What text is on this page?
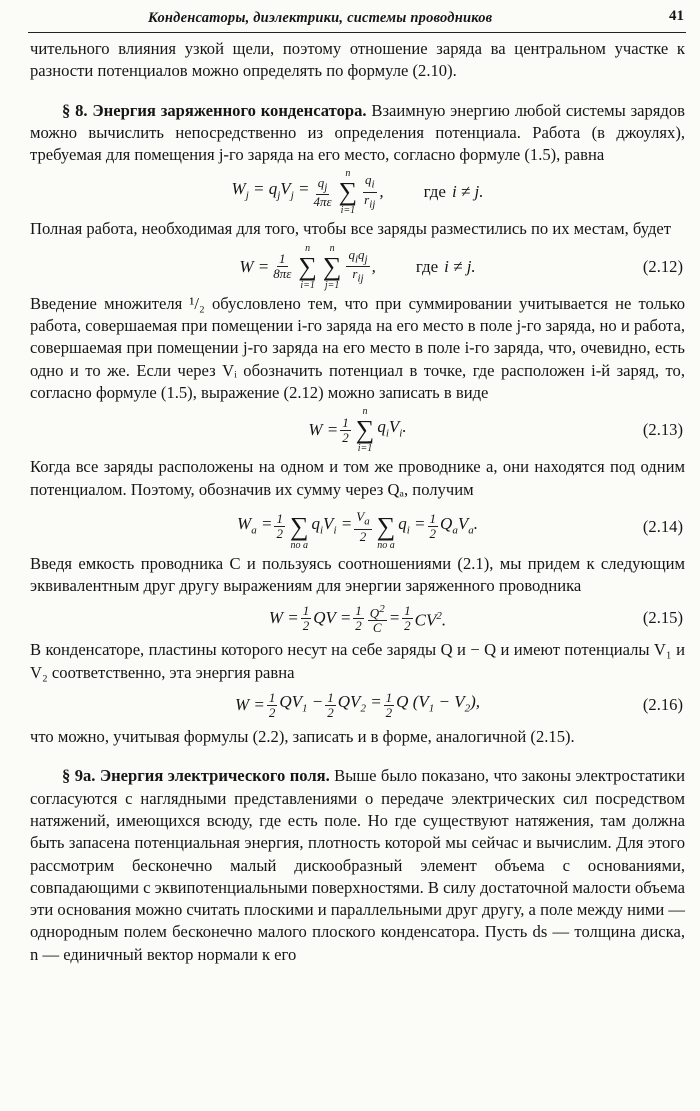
Конденсаторы, диэлектрики, системы проводников	41

чительного влияния узкой щели, поэтому отношение заряда ва центральном участке к разности потенциалов можно определять по формуле (2.10).

§ 8. Энергия заряженного конденсатора. Взаимную энергию любой системы зарядов можно вычислить непосредственно из определения потенциала. Работа (в джоулях), требуемая для помещения j-го заряда на его место, согласно формуле (1.5), равна

$W_j = q_jV_j = \frac{q_j}{4\pi\varepsilon}$
n
∑
$i=1 \frac{q_i}{r_{ij}}$ , где i ≠ j.

Полная работа, необходимая для того, чтобы все заряды разместились по их местам, будет

$W = \frac{1}{8\pi\varepsilon}$
n
∑
i=1
n
∑
$j=1 \frac{q_iq_j}{r_{ij}}$ , где i ≠ j.	(2.12)

Введение множителя ¹/₂ обусловлено тем, что при суммировании учитывается не только работа, совершаемая при помещении i-го заряда на его место в поле j-го заряда, но и работа, совершаемая при помещении j-го заряда на его место в поле i-го заряда, что, очевидно, есть одно и то же. Если через Vᵢ обозначить потенциал в точке, где расположен i-й заряд, то, согласно формуле (1.5), выражение (2.12) можно записать в виде

$W = \frac{1}{2}$
n
∑
i=1
$q_iV_i$.	(2.13)

Когда все заряды расположены на одном и том же проводнике a, они находятся под одним потенциалом. Поэтому, обозначив их сумму через Qₐ, получим

$W_a = \frac{1}{2}$
∑
по a
$q_iV_i = \frac{V_a}{2}$
∑
по a
$q_i = \frac{1}{2} Q_aV_a$.	(2.14)

Введя емкость проводника C и пользуясь соотношениями (2.1), мы придем к следующим эквивалентным друг другу выражениям для энергии заряженного проводника

$W = \frac{1}{2}$ QV = $\frac{1}{2} \frac{Q^2}{C} = \frac{1}{2} CV^2$.	(2.15)

В конденсаторе, пластины которого несут на себе заряды Q и − Q и имеют потенциалы V₁ и V₂ соответственно, эта энергия равна

$W = \frac{1}{2} QV_1 - \frac{1}{2} QV_2 = \frac{1}{2}$ Q $(V_1 - V_2)$,	(2.16)

что можно, учитывая формулы (2.2), записать и в форме, аналогичной (2.15).

§ 9а. Энергия электрического поля. Выше было показано, что законы электростатики согласуются с наглядными представлениями о передаче электрических сил посредством натяжений, имеющихся всюду, где есть поле. Но где существуют натяжения, там должна быть запасена потенциальная энергия, плотность которой мы сейчас и вычислим. Для этого рассмотрим бесконечно малый дискообразный элемент объема с основаниями, совпадающими с эквипотенциальными поверхностями. В силу достаточной малости объема эти основания можно считать плоскими и параллельными друг другу, а поле между ними — однородным полем бесконечно малого плоского конденсатора. Пусть ds — толщина диска, n — единичный вектор нормали к его
